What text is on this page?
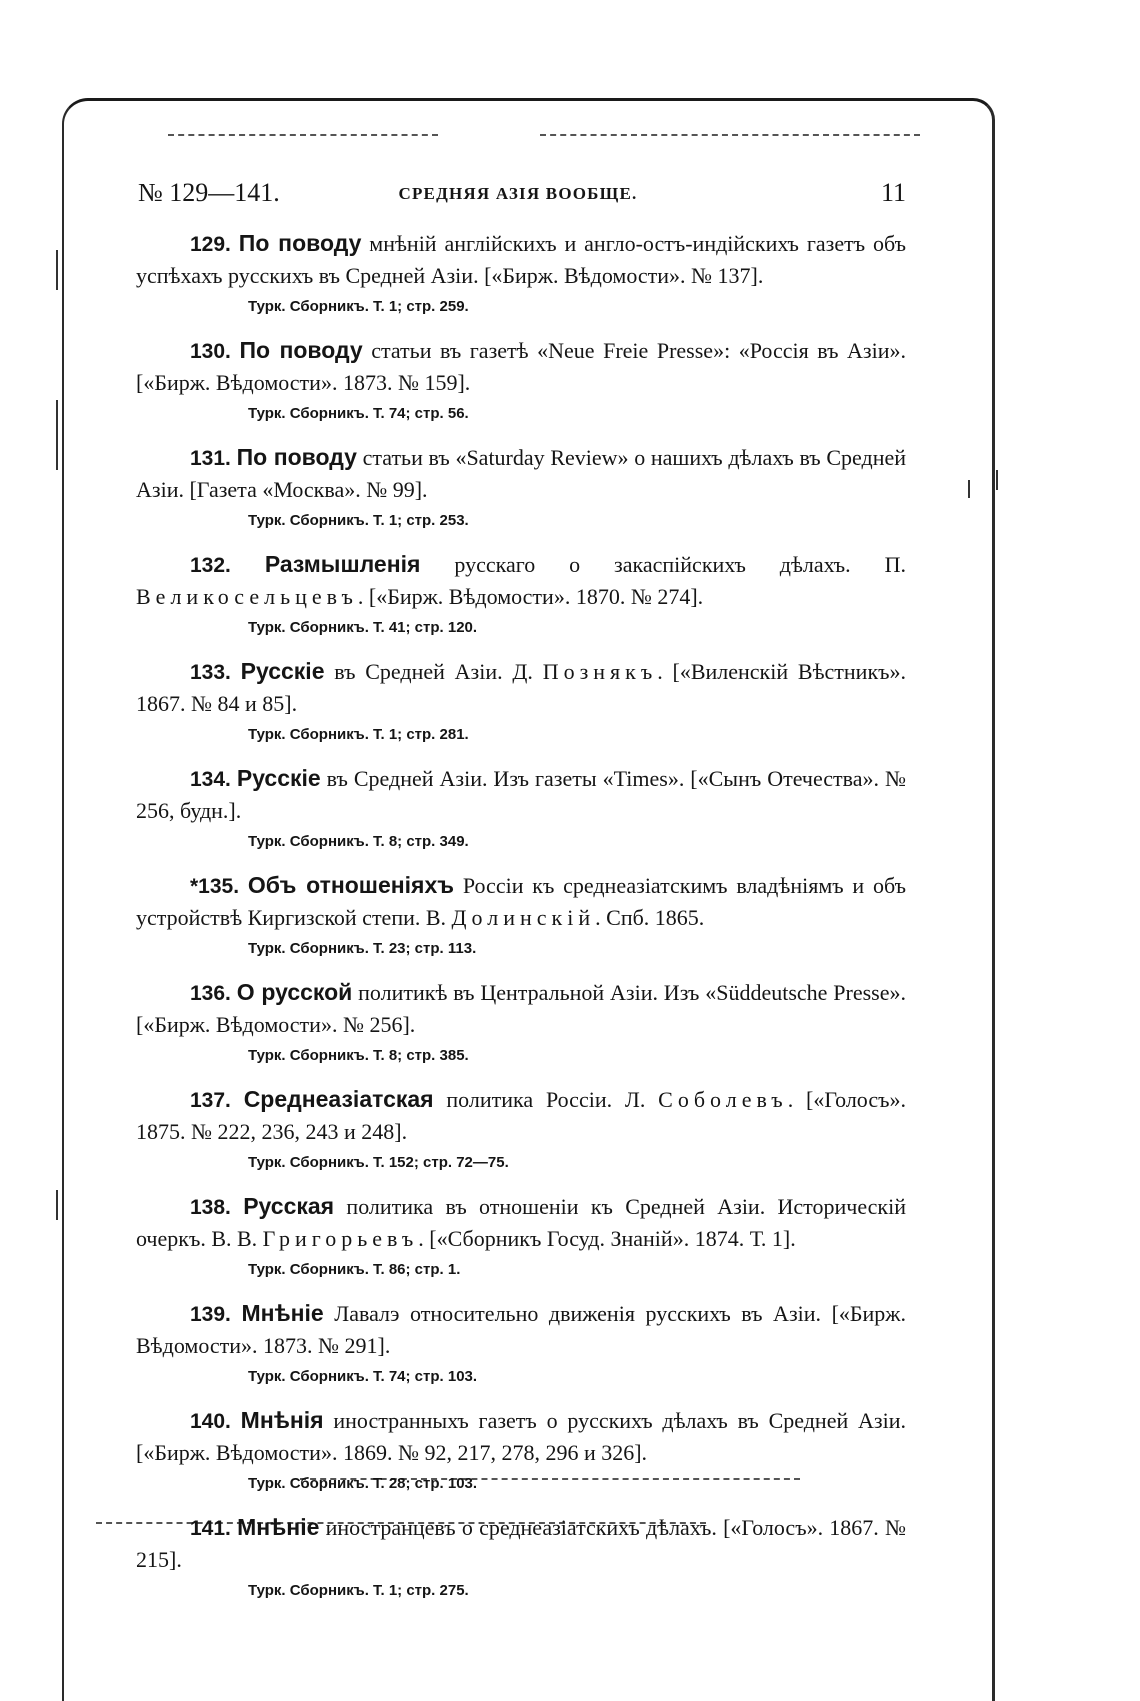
№ 129—141.	СРЕДНЯЯ АЗІЯ ВООБЩЕ.	11

129. По поводу мнѣній англійскихъ и англо-остъ-индійскихъ газетъ объ успѣхахъ русскихъ въ Средней Азіи. [«Бирж. Вѣдомости». № 137].

Турк. Сборникъ. Т. 1; стр. 259.

130. По поводу статьи въ газетѣ «Neue Freie Presse»: «Россія въ Азіи». [«Бирж. Вѣдомости». 1873. № 159].

Турк. Сборникъ. Т. 74; стр. 56.

131. По поводу статьи въ «Saturday Review» о нашихъ дѣлахъ въ Средней Азіи. [Газета «Москва». № 99].

Турк. Сборникъ. Т. 1; стр. 253.

132. Размышленія русскаго о закаспійскихъ дѣлахъ. П. Великосельцевъ. [«Бирж. Вѣдомости». 1870. № 274].

Турк. Сборникъ. Т. 41; стр. 120.

133. Русскіе въ Средней Азіи. Д. Познякъ. [«Виленскій Вѣстникъ». 1867. № 84 и 85].

Турк. Сборникъ. Т. 1; стр. 281.

134. Русскіе въ Средней Азіи. Изъ газеты «Times». [«Сынъ Отечества». № 256, будн.].

Турк. Сборникъ. Т. 8; стр. 349.

*135. Объ отношеніяхъ Россіи къ среднеазіатскимъ владѣніямъ и объ устройствѣ Киргизской степи. В. Долинскій. Спб. 1865.

Турк. Сборникъ. Т. 23; стр. 113.

136. О русской политикѣ въ Центральной Азіи. Изъ «Süddeutsche Presse». [«Бирж. Вѣдомости». № 256].

Турк. Сборникъ. Т. 8; стр. 385.

137. Среднеазіатская политика Россіи. Л. Соболевъ. [«Голосъ». 1875. № 222, 236, 243 и 248].

Турк. Сборникъ. Т. 152; стр. 72—75.

138. Русская политика въ отношеніи къ Средней Азіи. Историческій очеркъ. В. В. Григорьевъ. [«Сборникъ Госуд. Знаній». 1874. Т. 1].

Турк. Сборникъ. Т. 86; стр. 1.

139. Мнѣніе Лавалэ относительно движенія русскихъ въ Азіи. [«Бирж. Вѣдомости». 1873. № 291].

Турк. Сборникъ. Т. 74; стр. 103.

140. Мнѣнія иностранныхъ газетъ о русскихъ дѣлахъ въ Средней Азіи. [«Бирж. Вѣдомости». 1869. № 92, 217, 278, 296 и 326].

Турк. Сборникъ. Т. 28; стр. 103.

141. Мнѣніе иностранцевъ о среднеазіатскихъ дѣлахъ. [«Голосъ». 1867. № 215].

Турк. Сборникъ. Т. 1; стр. 275.
